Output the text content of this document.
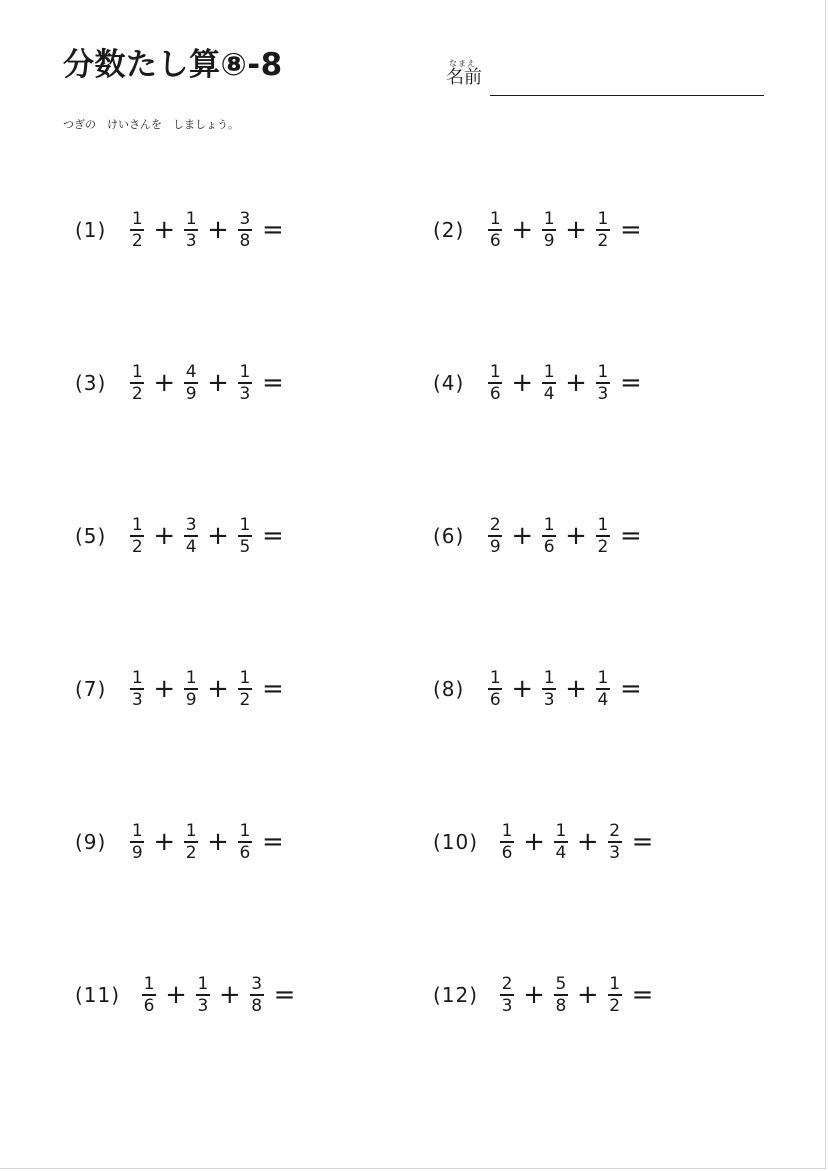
分数たし算⑧-8	なまえ
名前
つぎの　けいさんを　しましょう。
$(1) \frac{1}{2} + \frac{1}{3} + \frac{3}{8}$ =	$(2) \frac{1}{6} + \frac{1}{9} + \frac{1}{2}$ =
$(3) \frac{1}{2} + \frac{4}{9} + \frac{1}{3}$ =	$(4) \frac{1}{6} + \frac{1}{4} + \frac{1}{3}$ =
$(5) \frac{1}{2} + \frac{3}{4} + \frac{1}{5}$ =	$(6) \frac{2}{9} + \frac{1}{6} + \frac{1}{2}$ =
$(7) \frac{1}{3} + \frac{1}{9} + \frac{1}{2}$ =	$(8) \frac{1}{6} + \frac{1}{3} + \frac{1}{4}$ =
$(9) \frac{1}{9} + \frac{1}{2} + \frac{1}{6}$ =	$(10) \frac{1}{6} + \frac{1}{4} + \frac{2}{3}$ =
$(11) \frac{1}{6} + \frac{1}{3} + \frac{3}{8}$ =	$(12) \frac{2}{3} + \frac{5}{8} + \frac{1}{2}$ =
